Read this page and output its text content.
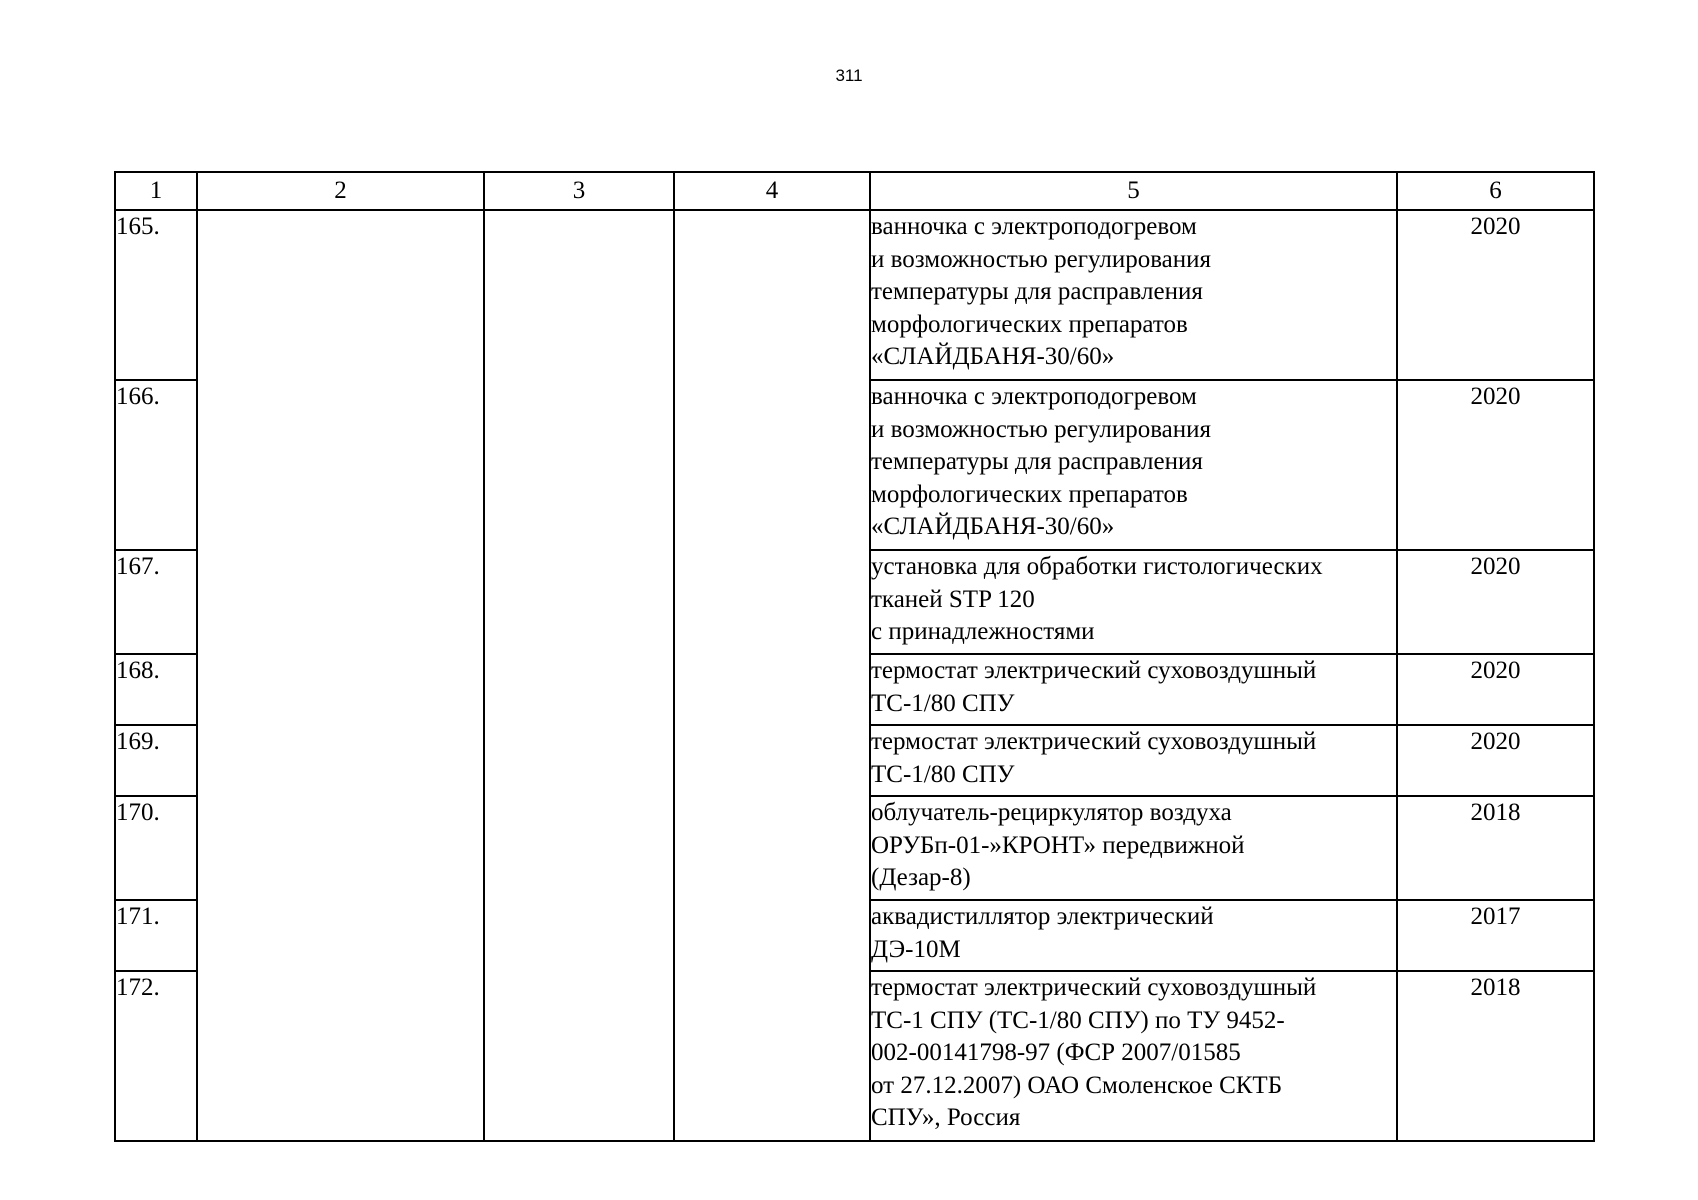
311
1	2	3	4	5	6
165.				ванночка с электроподогревом
и возможностью регулирования
температуры для расправления
морфологических препаратов
«СЛАЙДБАНЯ-30/60»	2020
166.				ванночка с электроподогревом
и возможностью регулирования
температуры для расправления
морфологических препаратов
«СЛАЙДБАНЯ-30/60»	2020
167.				установка для обработки гистологических
тканей STP 120
с принадлежностями	2020
168.				термостат электрический суховоздушный
ТС-1/80 СПУ	2020
169.				термостат электрический суховоздушный
ТС-1/80 СПУ	2020
170.				облучатель-рециркулятор воздуха
ОРУБп-01-»КРОНТ» передвижной
(Дезар-8)	2018
171.				аквадистиллятор электрический
ДЭ-10М	2017
172.				термостат электрический суховоздушный
ТС-1 СПУ (ТС-1/80 СПУ) по ТУ 9452-
002-00141798-97 (ФСР 2007/01585
от 27.12.2007) ОАО Смоленское СКТБ
СПУ», Россия	2018
